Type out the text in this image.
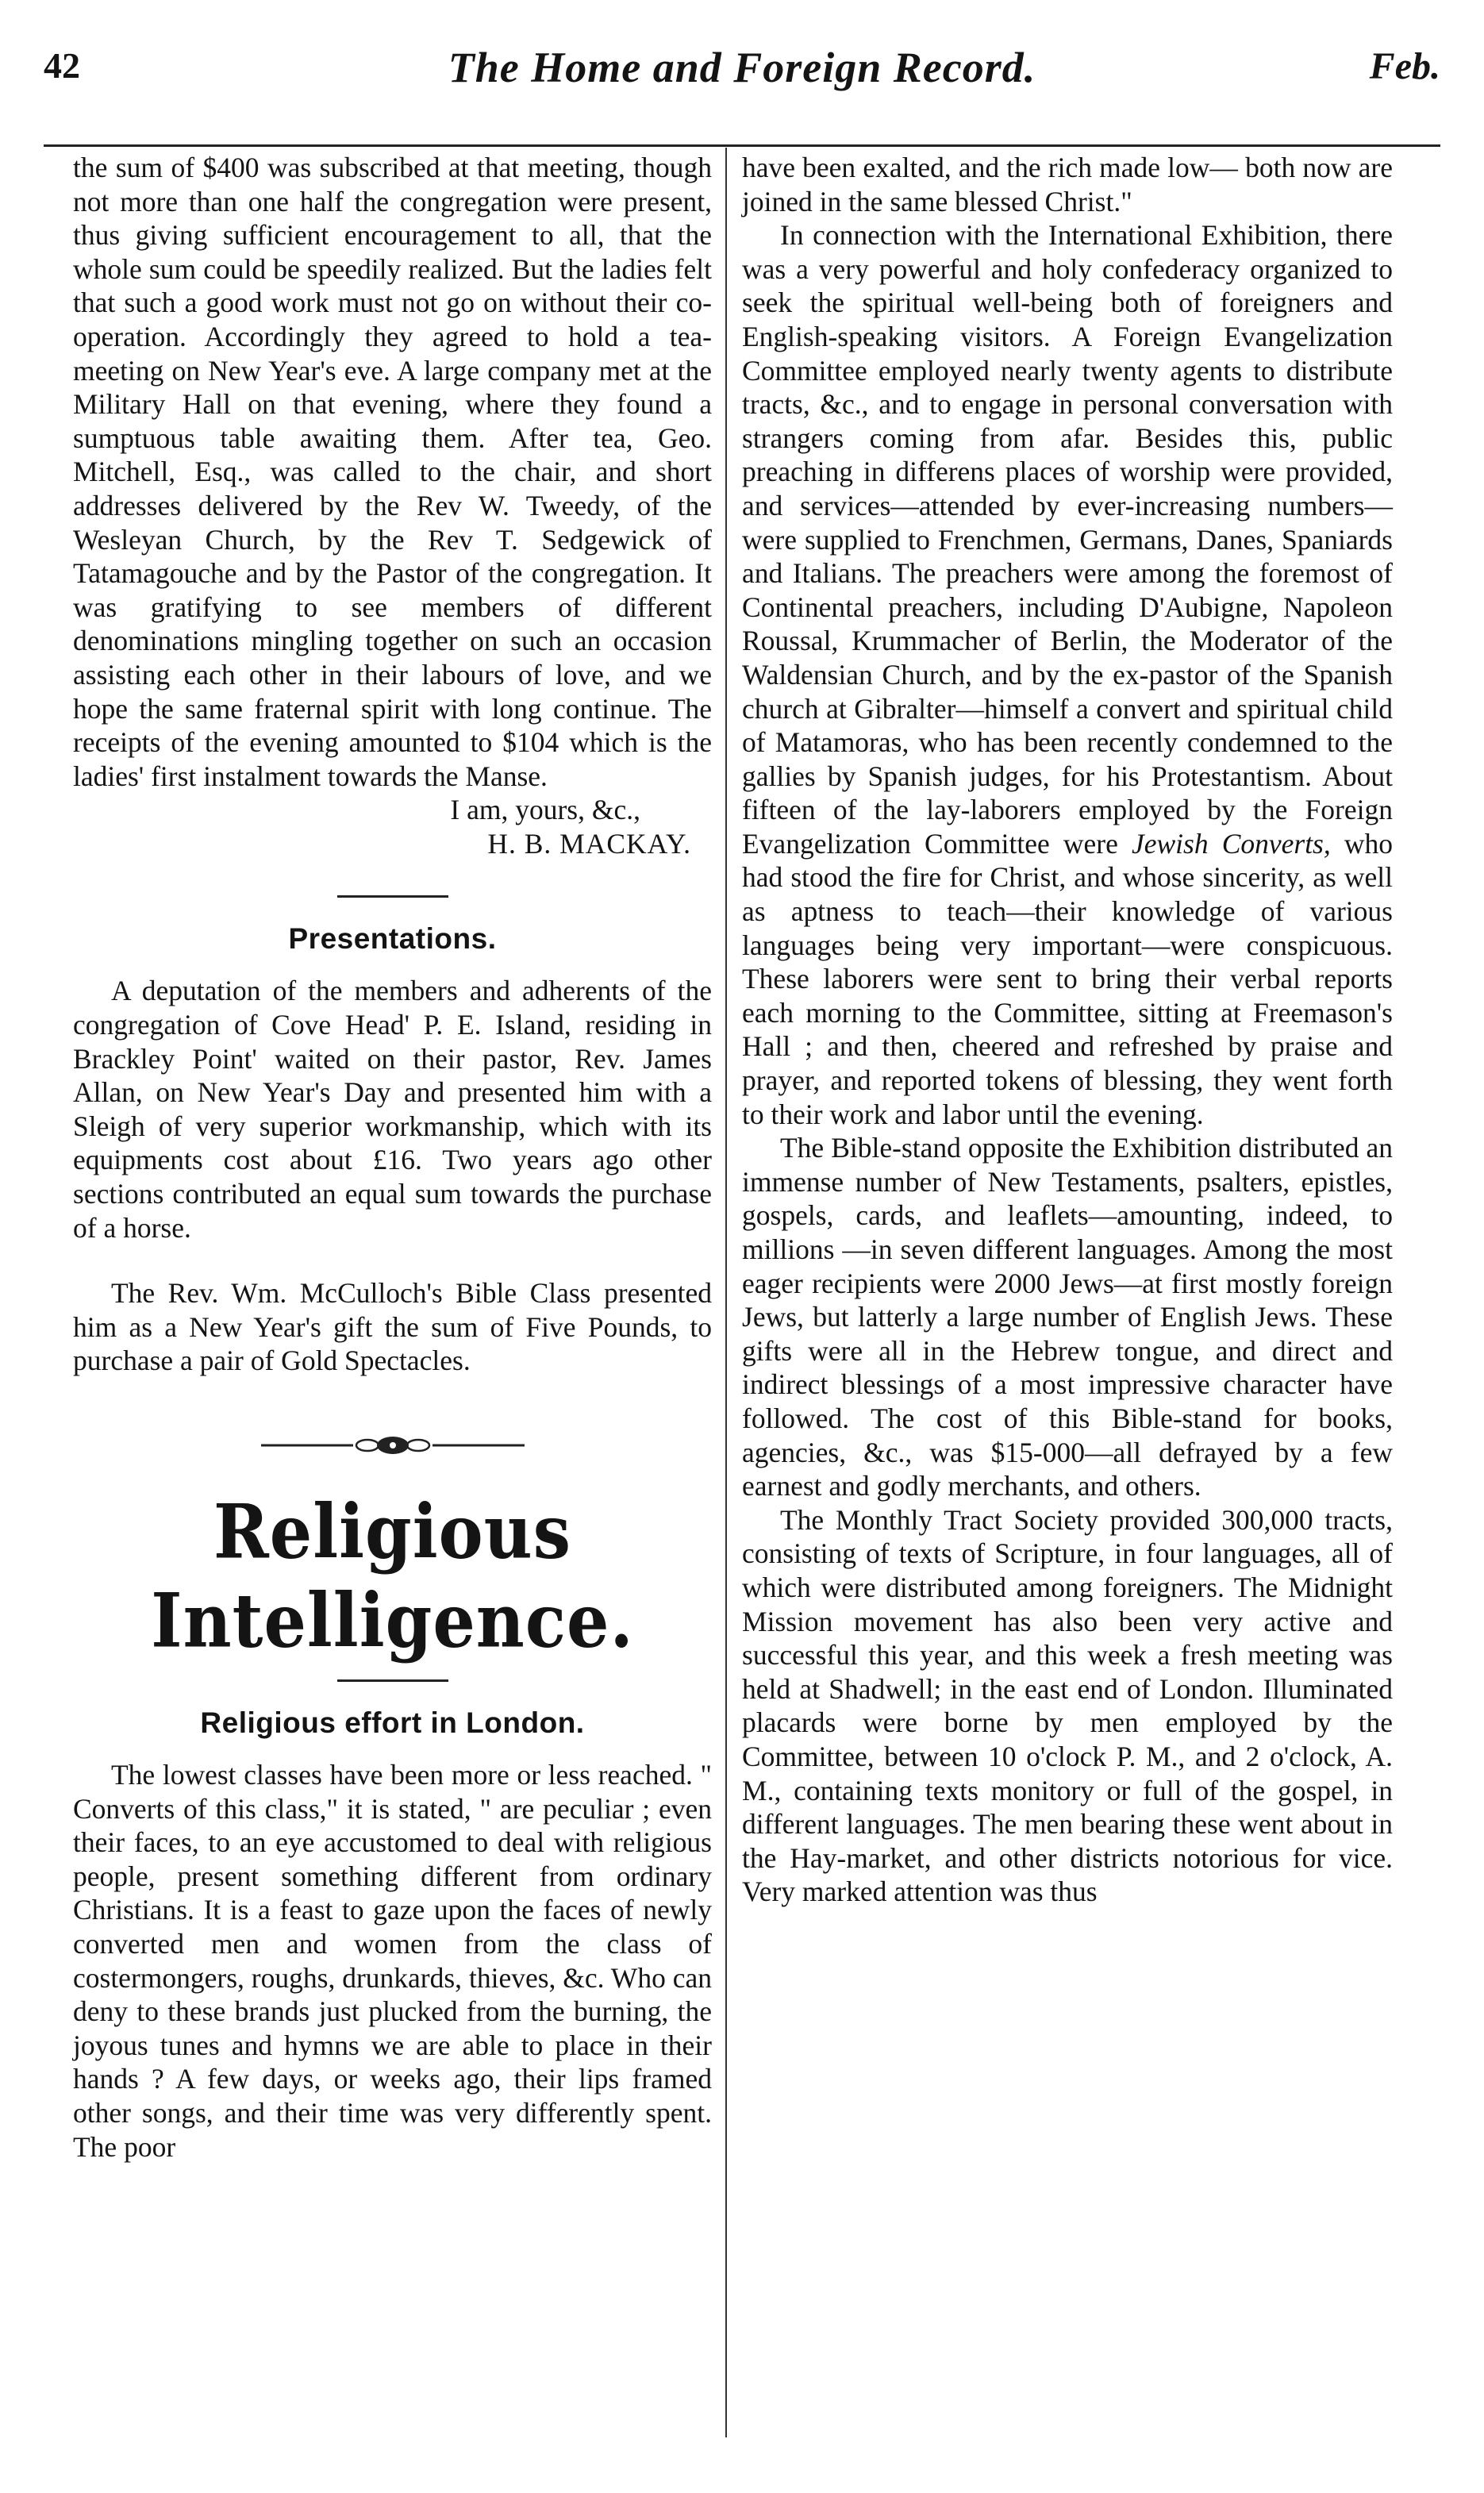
42	The Home and Foreign Record.	Feb.

the sum of $400 was subscribed at that meeting, though not more than one half the congregation were present, thus giving sufficient encouragement to all, that the whole sum could be speedily realized. But the ladies felt that such a good work must not go on without their co-operation. Accordingly they agreed to hold a tea-meeting on New Year's eve. A large company met at the Military Hall on that evening, where they found a sumptuous table awaiting them. After tea, Geo. Mitchell, Esq., was called to the chair, and short addresses delivered by the Rev W. Tweedy, of the Wesleyan Church, by the Rev T. Sedgewick of Tatamagouche and by the Pastor of the congregation. It was gratifying to see members of different denominations mingling together on such an occasion assisting each other in their labours of love, and we hope the same fraternal spirit with long continue. The receipts of the evening amounted to $104 which is the ladies' first instalment towards the Manse.

I am, yours, &c.,
H. B. MACKAY.

Presentations.

A deputation of the members and adherents of the congregation of Cove Head' P. E. Island, residing in Brackley Point' waited on their pastor, Rev. James Allan, on New Year's Day and presented him with a Sleigh of very superior workmanship, which with its equipments cost about £16. Two years ago other sections contributed an equal sum towards the purchase of a horse.

The Rev. Wm. McCulloch's Bible Class presented him as a New Year's gift the sum of Five Pounds, to purchase a pair of Gold Spectacles.

Religious Intelligence.
Religious effort in London.

The lowest classes have been more or less reached. " Converts of this class," it is stated, " are peculiar ; even their faces, to an eye accustomed to deal with religious people, present something different from ordinary Christians. It is a feast to gaze upon the faces of newly converted men and women from the class of costermongers, roughs, drunkards, thieves, &c. Who can deny to these brands just plucked from the burning, the joyous tunes and hymns we are able to place in their hands ? A few days, or weeks ago, their lips framed other songs, and their time was very differently spent. The poor

have been exalted, and the rich made low— both now are joined in the same blessed Christ."

In connection with the International Exhibition, there was a very powerful and holy confederacy organized to seek the spiritual well-being both of foreigners and English-speaking visitors. A Foreign Evangelization Committee employed nearly twenty agents to distribute tracts, &c., and to engage in personal conversation with strangers coming from afar. Besides this, public preaching in differens places of worship were provided, and services—attended by ever-increasing numbers—were supplied to Frenchmen, Germans, Danes, Spaniards and Italians. The preachers were among the foremost of Continental preachers, including D'Aubigne, Napoleon Roussal, Krummacher of Berlin, the Moderator of the Waldensian Church, and by the ex-pastor of the Spanish church at Gibralter—himself a convert and spiritual child of Matamoras, who has been recently condemned to the gallies by Spanish judges, for his Protestantism. About fifteen of the lay-laborers employed by the Foreign Evangelization Committee were Jewish Converts, who had stood the fire for Christ, and whose sincerity, as well as aptness to teach—their knowledge of various languages being very important—were conspicuous. These laborers were sent to bring their verbal reports each morning to the Committee, sitting at Freemason's Hall ; and then, cheered and refreshed by praise and prayer, and reported tokens of blessing, they went forth to their work and labor until the evening.

The Bible-stand opposite the Exhibition distributed an immense number of New Testaments, psalters, epistles, gospels, cards, and leaflets—amounting, indeed, to millions —in seven different languages. Among the most eager recipients were 2000 Jews—at first mostly foreign Jews, but latterly a large number of English Jews. These gifts were all in the Hebrew tongue, and direct and indirect blessings of a most impressive character have followed. The cost of this Bible-stand for books, agencies, &c., was $15-000—all defrayed by a few earnest and godly merchants, and others.

The Monthly Tract Society provided 300,000 tracts, consisting of texts of Scripture, in four languages, all of which were distributed among foreigners. The Midnight Mission movement has also been very active and successful this year, and this week a fresh meeting was held at Shadwell; in the east end of London. Illuminated placards were borne by men employed by the Committee, between 10 o'clock P. M., and 2 o'clock, A. M., containing texts monitory or full of the gospel, in different languages. The men bearing these went about in the Hay-market, and other districts notorious for vice. Very marked attention was thus
